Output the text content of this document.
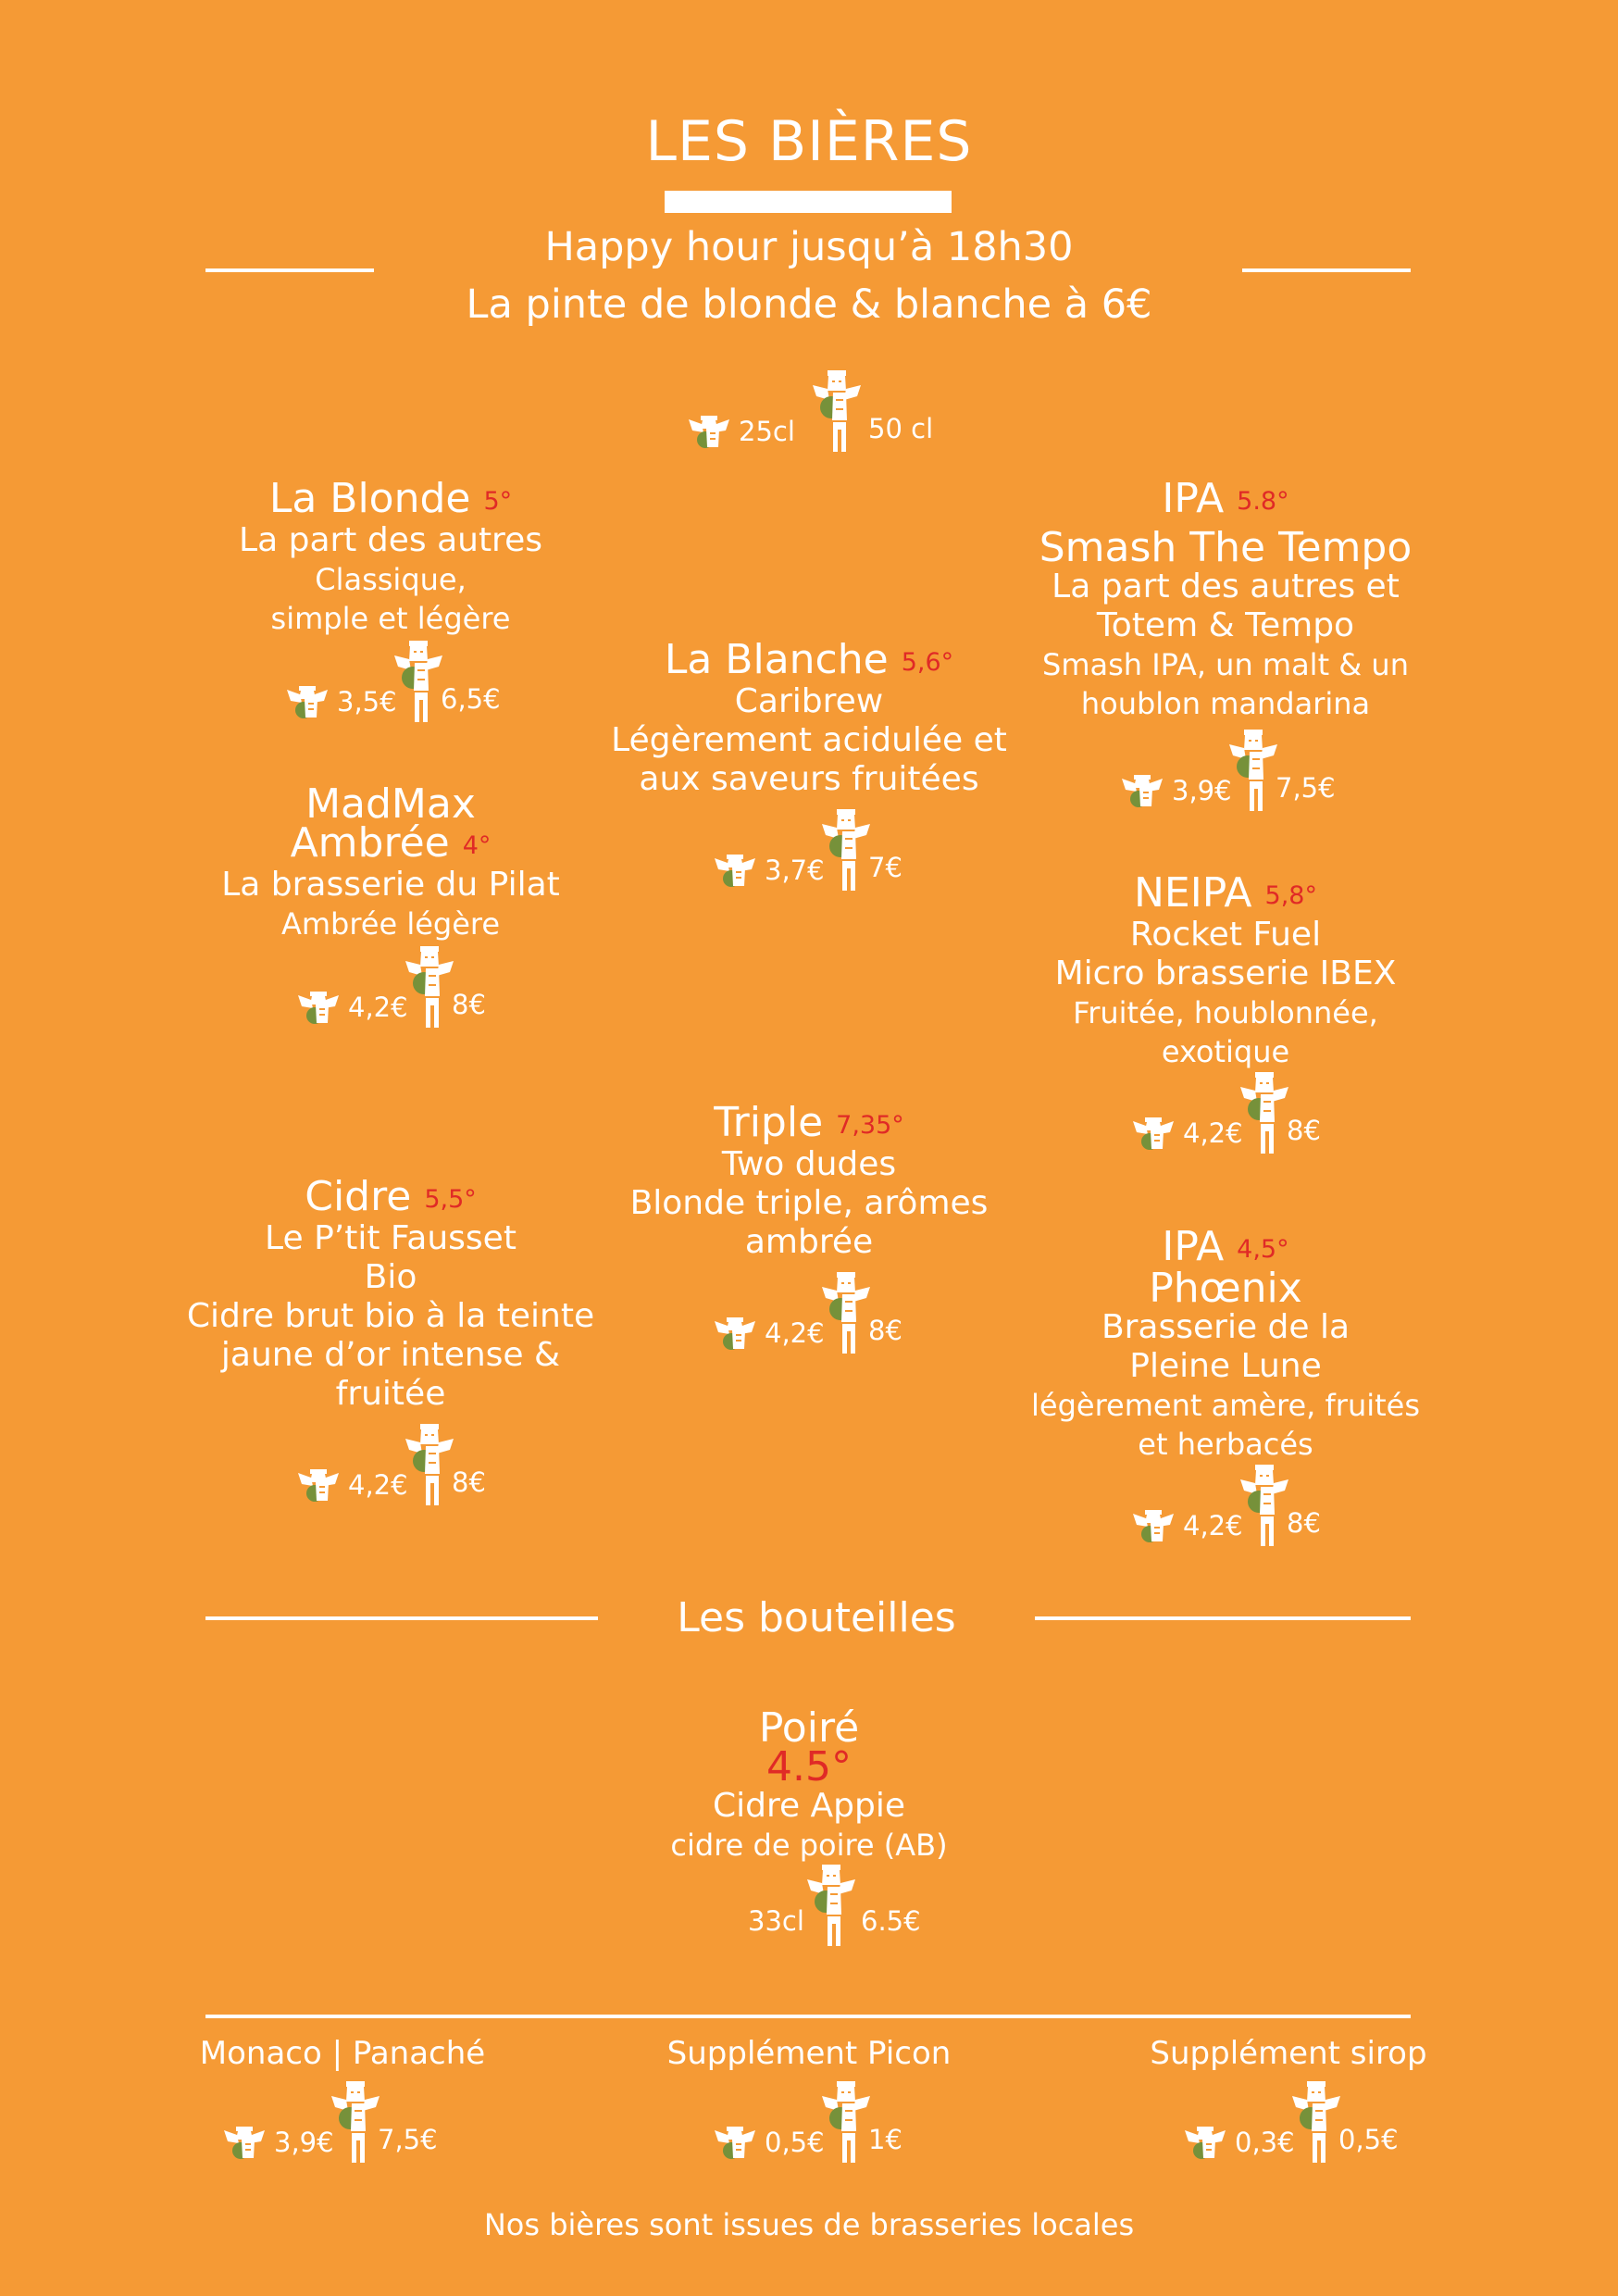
LES BIÈRES
Happy hour jusqu’à 18h30
La pinte de blonde & blanche à 6€
25cl	50 cl
La Blonde 5°
La part des autres
Classique,
simple et légère
3,5€ 6,5€
MadMax
Ambrée 4°
La brasserie du Pilat
Ambrée légère
4,2€ 8€
Cidre 5,5°
Le P’tit Fausset
Bio
Cidre brut bio à la teinte
jaune d’or intense &
fruitée
4,2€ 8€
La Blanche 5,6°
Caribrew
Légèrement acidulée et
aux saveurs fruitées
3,7€ 7€
Triple 7,35°
Two dudes
Blonde triple, arômes
ambrée
4,2€ 8€
IPA 5.8°
Smash The Tempo
La part des autres et
Totem & Tempo
Smash IPA, un malt & un
houblon mandarina
3,9€ 7,5€
NEIPA 5,8°
Rocket Fuel
Micro brasserie IBEX
Fruitée, houblonnée,
exotique
4,2€ 8€
IPA 4,5°
Phœnix
Brasserie de la
Pleine Lune
légèrement amère, fruités
et herbacés
4,2€ 8€
Les bouteilles
Poiré
4.5°
Cidre Appie
cidre de poire (AB)
33cl 6.5€
Monaco | Panaché
3,9€ 7,5€
Supplément Picon
0,5€ 1€
Supplément sirop
0,3€ 0,5€
Nos bières sont issues de brasseries locales
